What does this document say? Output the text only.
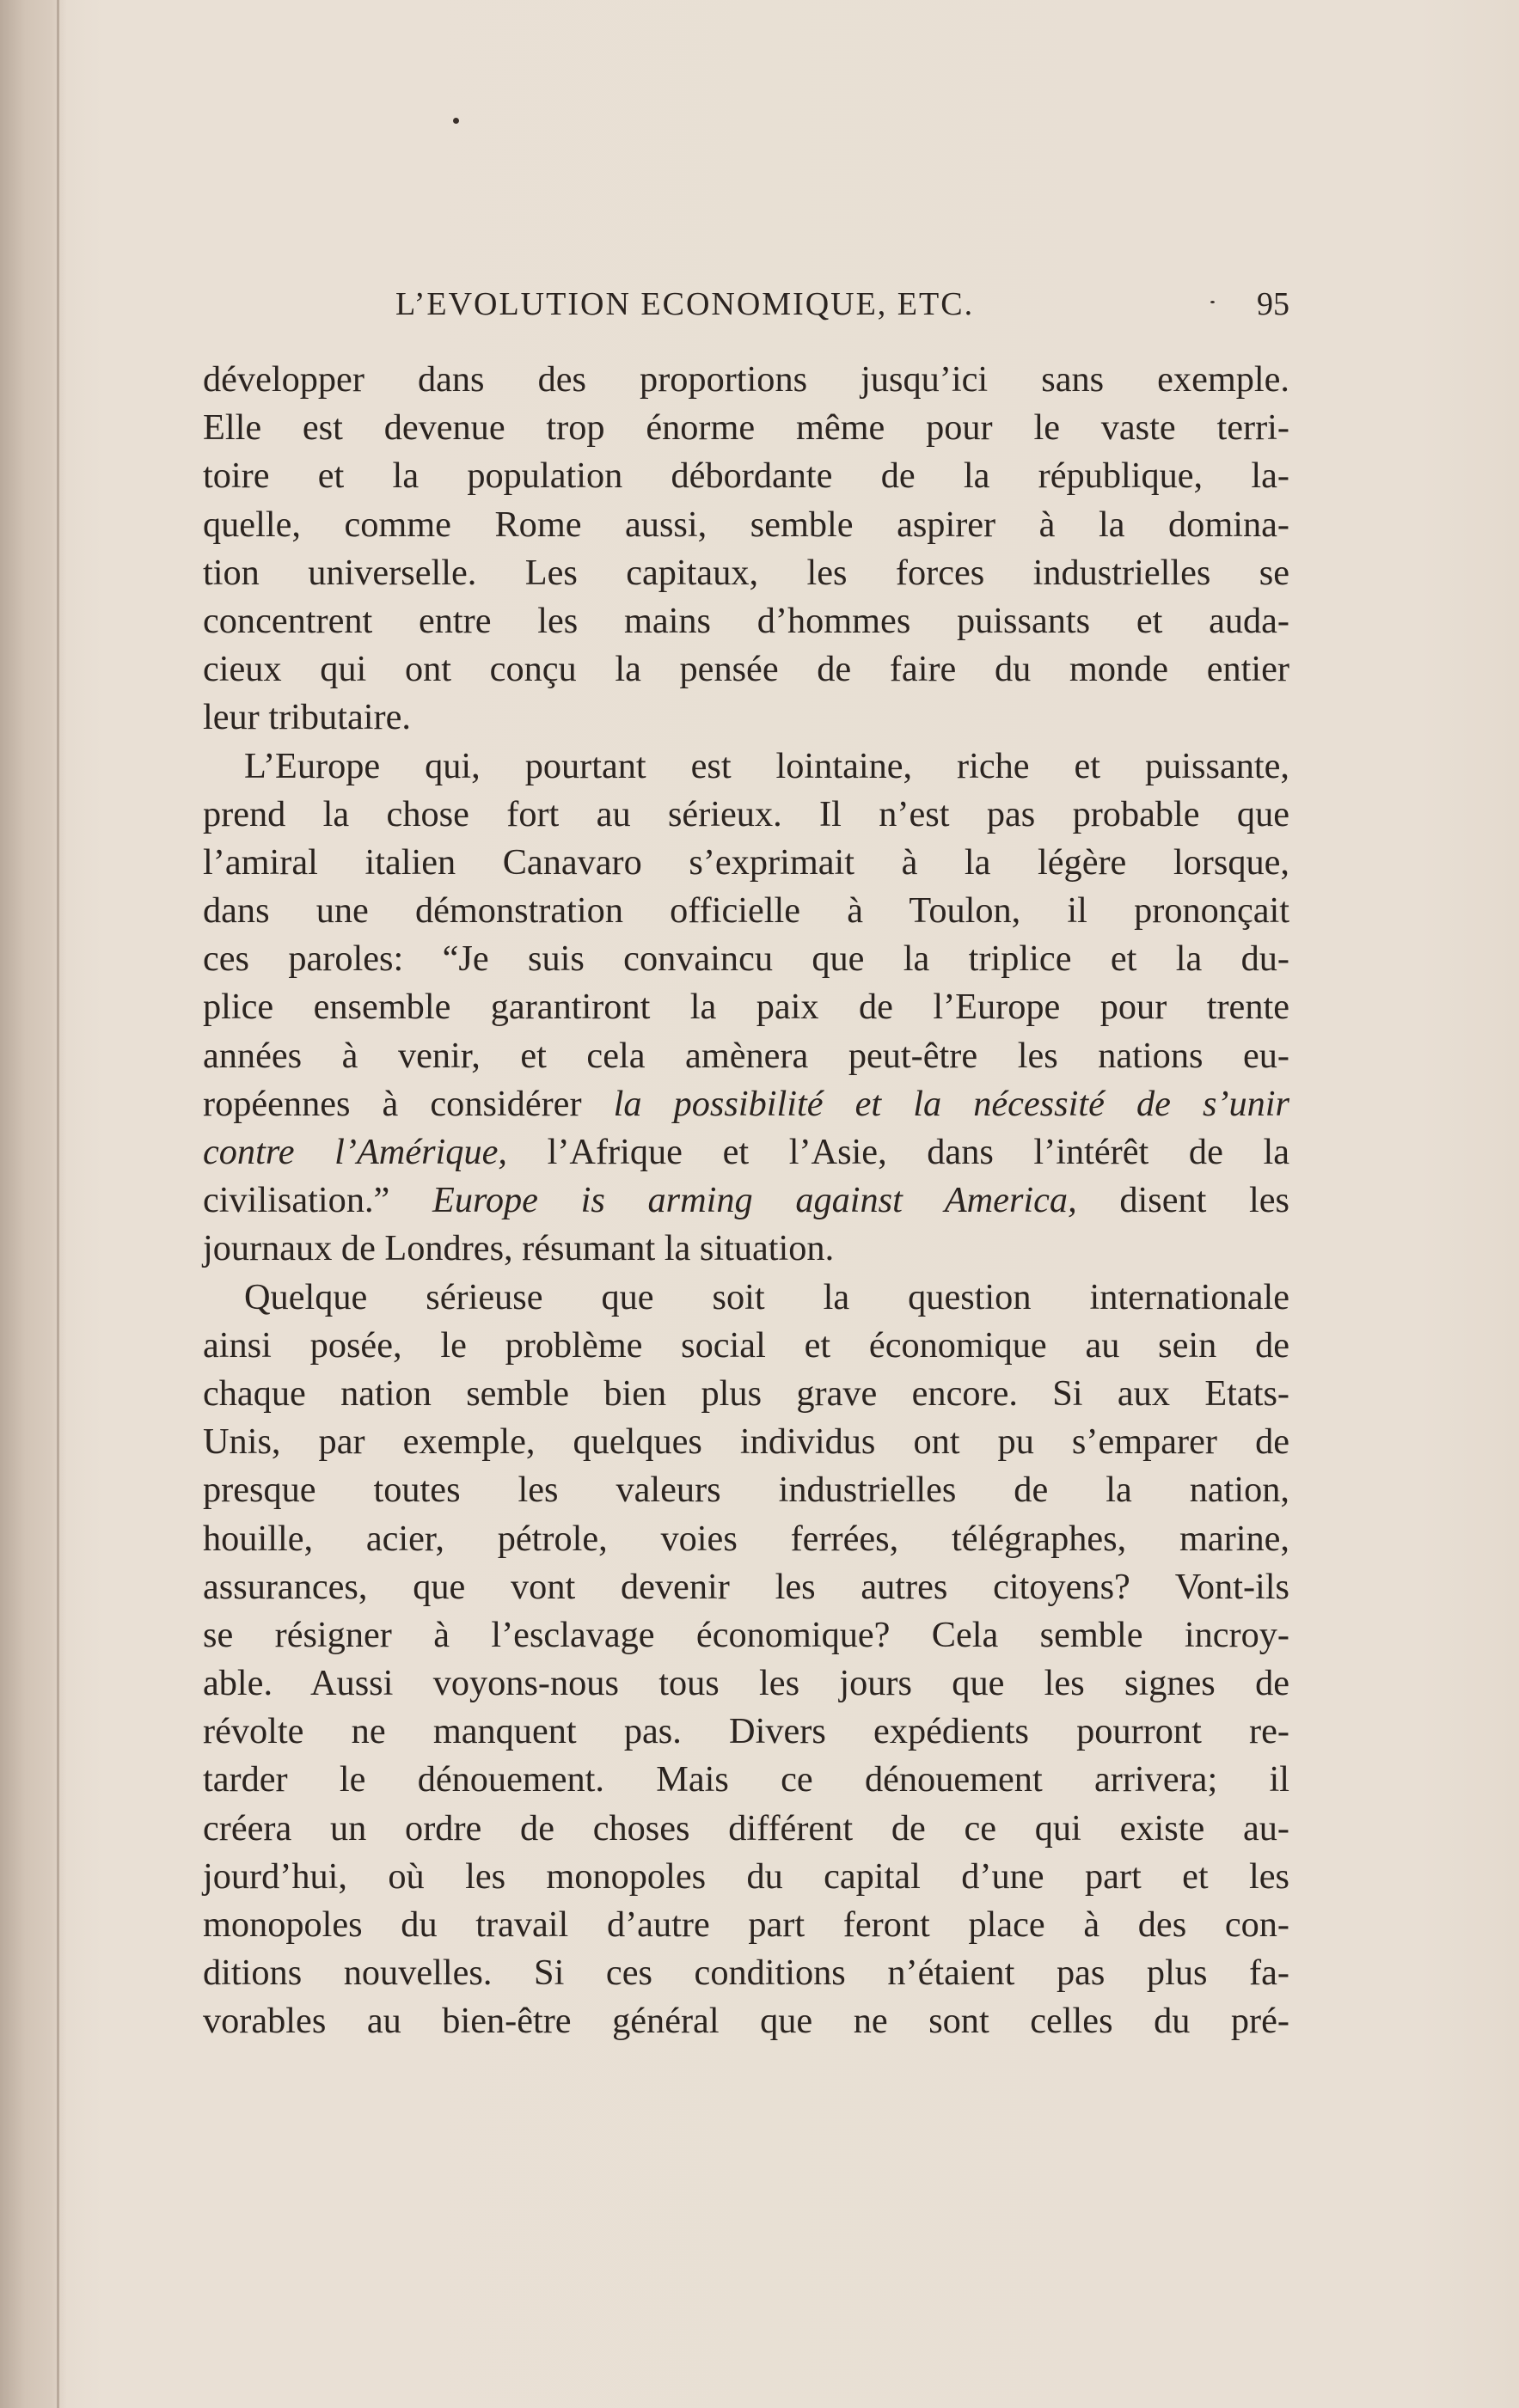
L’EVOLUTION ECONOMIQUE, ETC.	95
développer dans des proportions jusqu’ici sans exemple.
Elle est devenue trop énorme même pour le vaste terri-
toire et la population débordante de la république, la-
quelle, comme Rome aussi, semble aspirer à la domina-
tion universelle. Les capitaux, les forces industrielles se
concentrent entre les mains d’hommes puissants et auda-
cieux qui ont conçu la pensée de faire du monde entier
leur tributaire.
L’Europe qui, pourtant est lointaine, riche et puissante,
prend la chose fort au sérieux. Il n’est pas probable que
l’amiral italien Canavaro s’exprimait à la légère lorsque,
dans une démonstration officielle à Toulon, il prononçait
ces paroles: “Je suis convaincu que la triplice et la du-
plice ensemble garantiront la paix de l’Europe pour trente
années à venir, et cela amènera peut-être les nations eu-
ropéennes à considérer la possibilité et la nécessité de s’unir
contre l’Amérique, l’Afrique et l’Asie, dans l’intérêt de la
civilisation.” Europe is arming against America, disent les
journaux de Londres, résumant la situation.
Quelque sérieuse que soit la question internationale
ainsi posée, le problème social et économique au sein de
chaque nation semble bien plus grave encore. Si aux Etats-
Unis, par exemple, quelques individus ont pu s’emparer de
presque toutes les valeurs industrielles de la nation,
houille, acier, pétrole, voies ferrées, télégraphes, marine,
assurances, que vont devenir les autres citoyens? Vont-ils
se résigner à l’esclavage économique? Cela semble incroy-
able. Aussi voyons-nous tous les jours que les signes de
révolte ne manquent pas. Divers expédients pourront re-
tarder le dénouement. Mais ce dénouement arrivera; il
créera un ordre de choses différent de ce qui existe au-
jourd’hui, où les monopoles du capital d’une part et les
monopoles du travail d’autre part feront place à des con-
ditions nouvelles. Si ces conditions n’étaient pas plus fa-
vorables au bien-être général que ne sont celles du pré-
